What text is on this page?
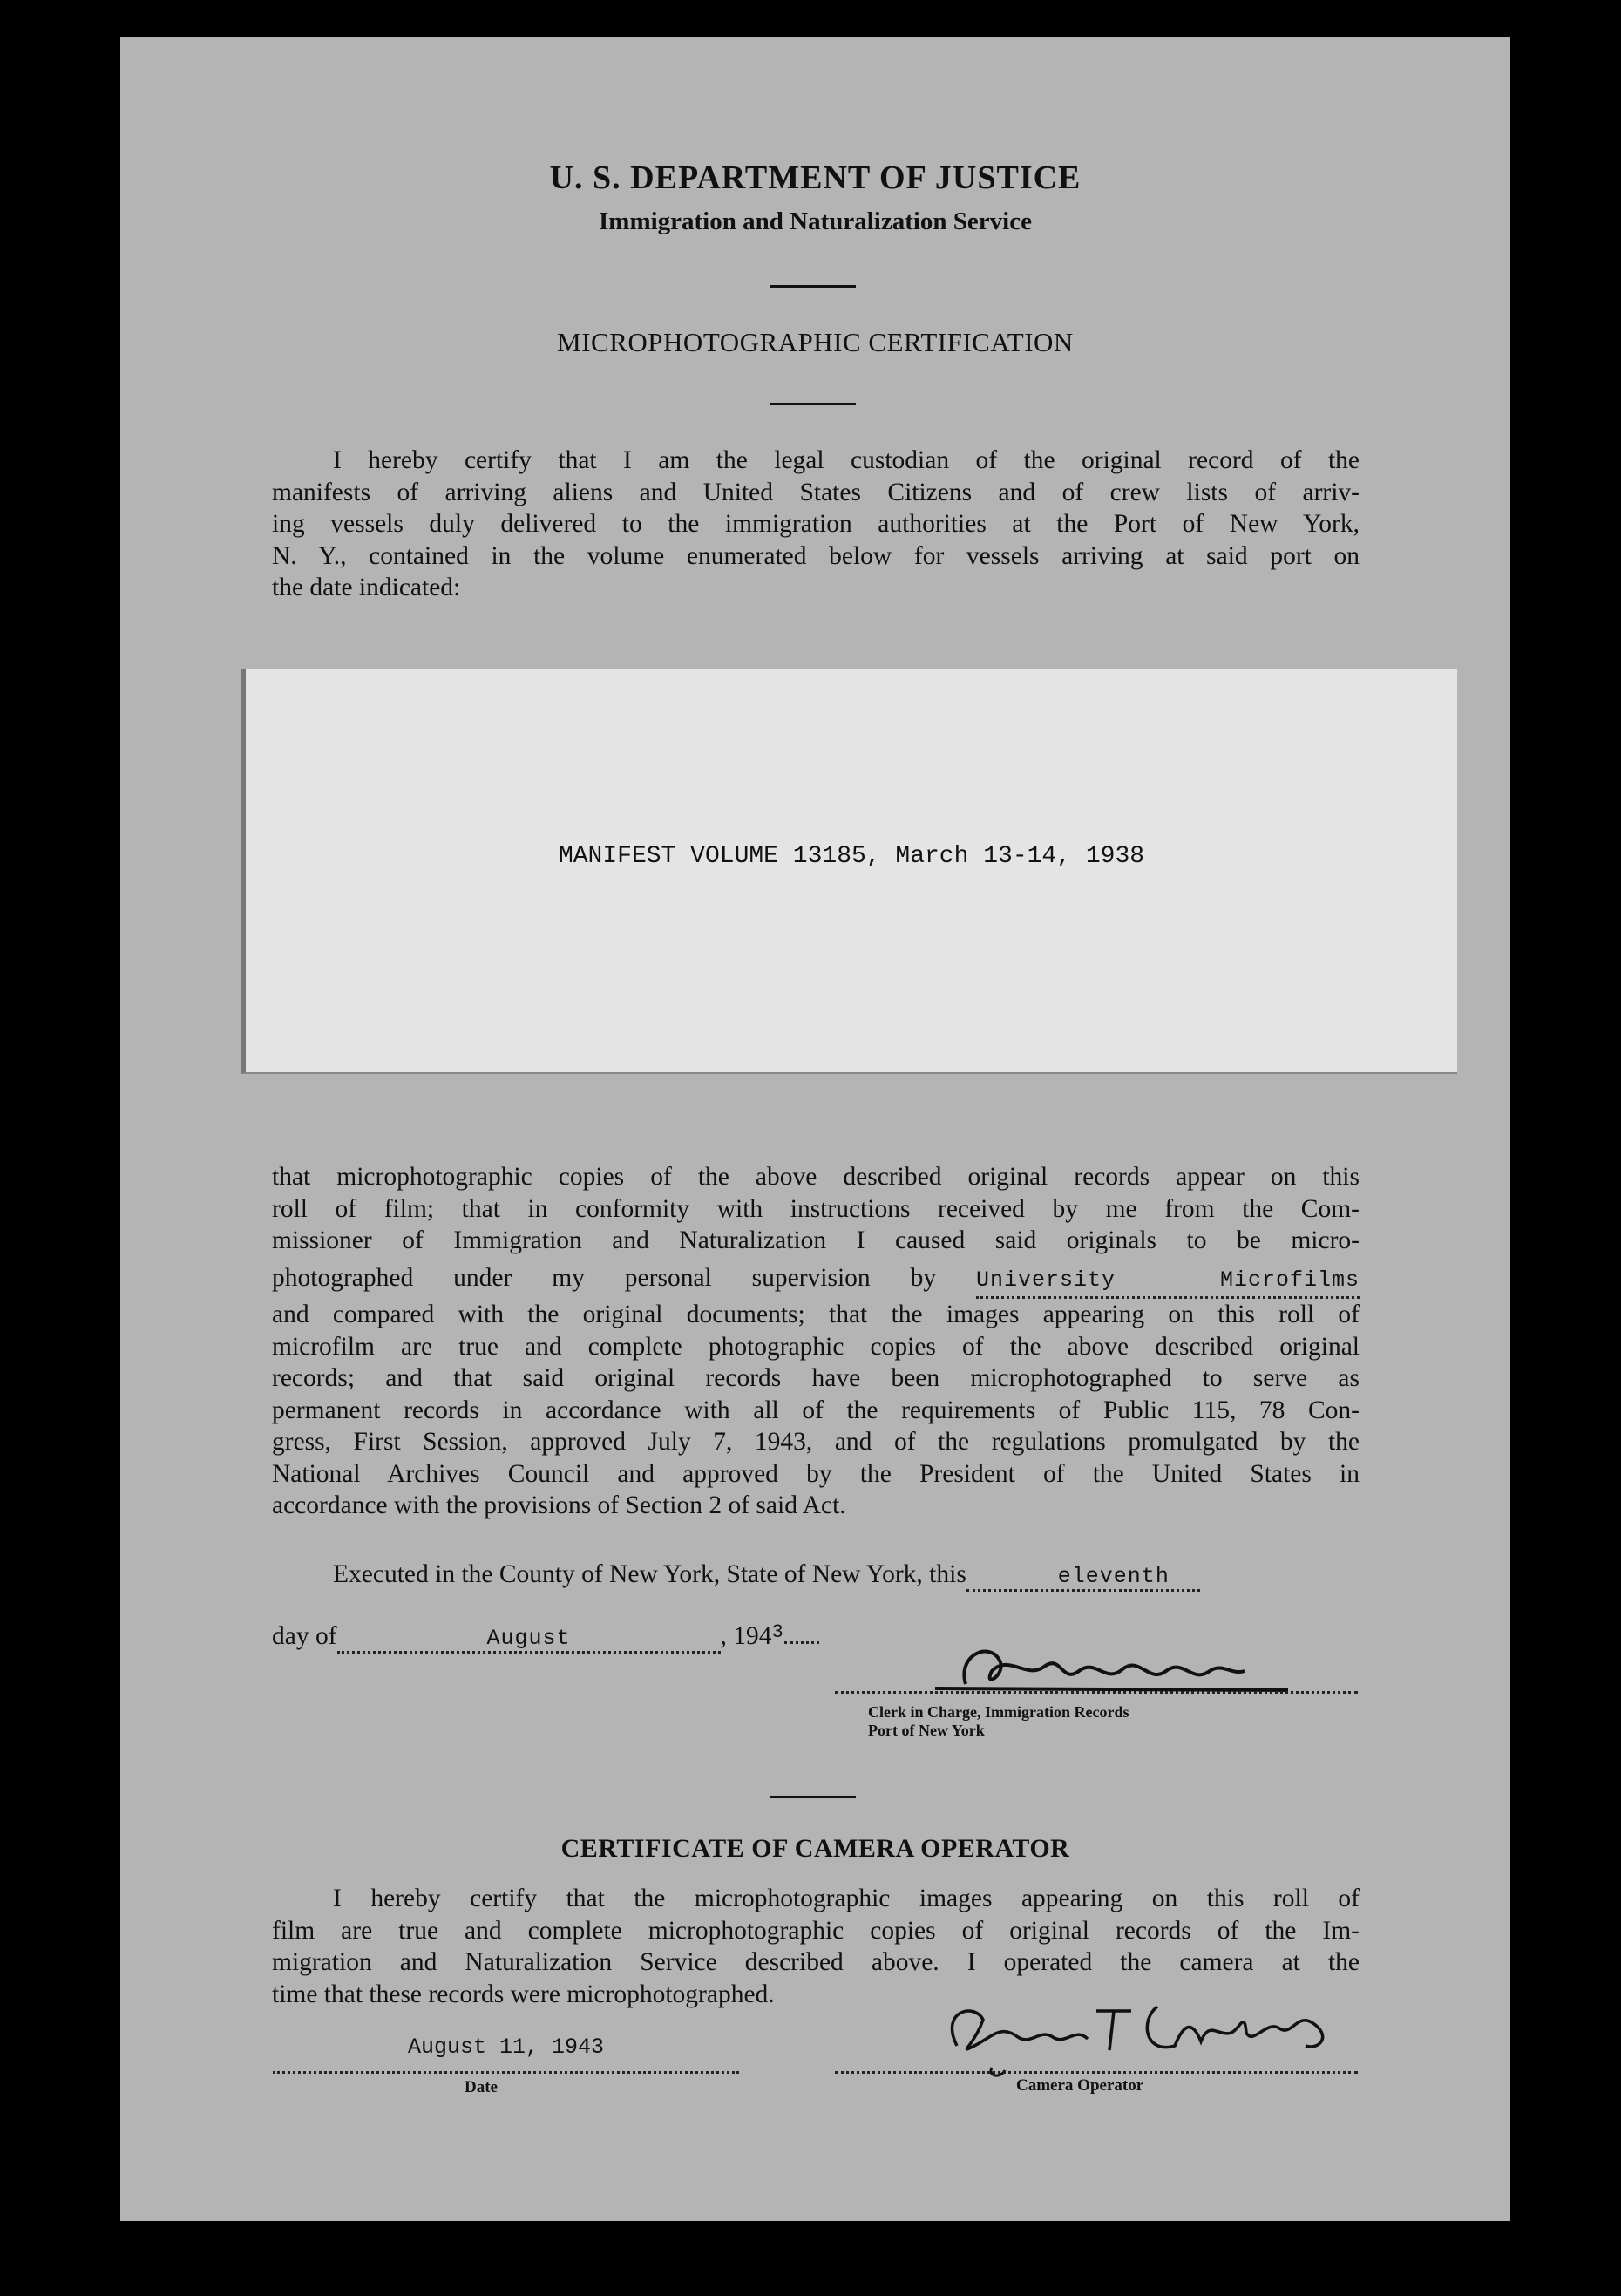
U. S. DEPARTMENT OF JUSTICE
Immigration and Naturalization Service
MICROPHOTOGRAPHIC CERTIFICATION
I hereby certify that I am the legal custodian of the original record of the
manifests of arriving aliens and United States Citizens and of crew lists of arriv-
ing vessels duly delivered to the immigration authorities at the Port of New York,
N. Y., contained in the volume enumerated below for vessels arriving at said port on
the date indicated:
MANIFEST VOLUME 13185, March 13-14, 1938
that microphotographic copies of the above described original records appear on this
roll of film; that in conformity with instructions received by me from the Com-
missioner of Immigration and Naturalization I caused said originals to be micro-
photographed under my personal supervision by University Microfilms
and compared with the original documents; that the images appearing on this roll of
microfilm are true and complete photographic copies of the above described original
records; and that said original records have been microphotographed to serve as
permanent records in accordance with all of the requirements of Public 115, 78 Con-
gress, First Session, approved July 7, 1943, and of the regulations promulgated by the
National Archives Council and approved by the President of the United States in
accordance with the provisions of Section 2 of said Act.
Executed in the County of New York, State of New York, this	eleventh
day of	August	, $194^3$
Clerk in Charge, Immigration Records
Port of New York
CERTIFICATE OF CAMERA OPERATOR
I hereby certify that the microphotographic images appearing on this roll of
film are true and complete microphotographic copies of original records of the Im-
migration and Naturalization Service described above. I operated the camera at the
time that these records were microphotographed.
August 11, 1943
Date	Camera Operator
